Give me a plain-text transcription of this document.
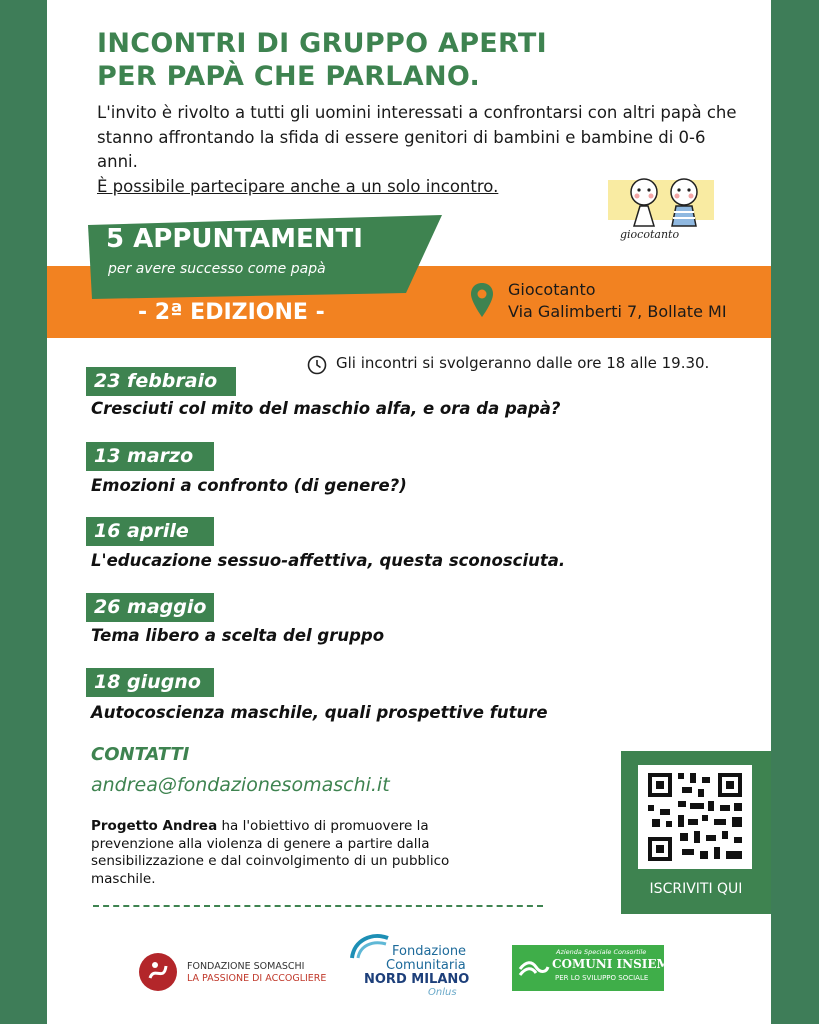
INCONTRI DI GRUPPO APERTI
PER PAPÀ CHE PARLANO.
L'invito è rivolto a tutti gli uomini interessati a confrontarsi con altri papà che stanno affrontando la sfida di essere genitori di bambini e bambine di 0-6 anni.
È possibile partecipare anche a un solo incontro.
giocotanto
5 APPUNTAMENTI
per avere successo come papà
- 2ª EDIZIONE -
Giocotanto
Via Galimberti 7, Bollate MI
Gli incontri si svolgeranno dalle ore 18 alle 19.30.
23 febbraio
Cresciuti col mito del maschio alfa, e ora da papà?
13 marzo
Emozioni a confronto (di genere?)
16 aprile
L'educazione sessuo-affettiva, questa sconosciuta.
26 maggio
Tema libero a scelta del gruppo
18 giugno
Autocoscienza maschile, quali prospettive future
CONTATTI
andrea@fondazionesomaschi.it
Progetto Andrea ha l'obiettivo di promuovere la prevenzione alla violenza di genere a partire dalla sensibilizzazione e dal coinvolgimento di un pubblico maschile.
ISCRIVITI QUI
FONDAZIONE SOMASCHI
LA PASSIONE DI ACCOGLIERE
Fondazione
Comunitaria
NORD MILANO
Onlus
Azienda Speciale Consortile
COMUNI INSIEME
PER LO SVILUPPO SOCIALE
